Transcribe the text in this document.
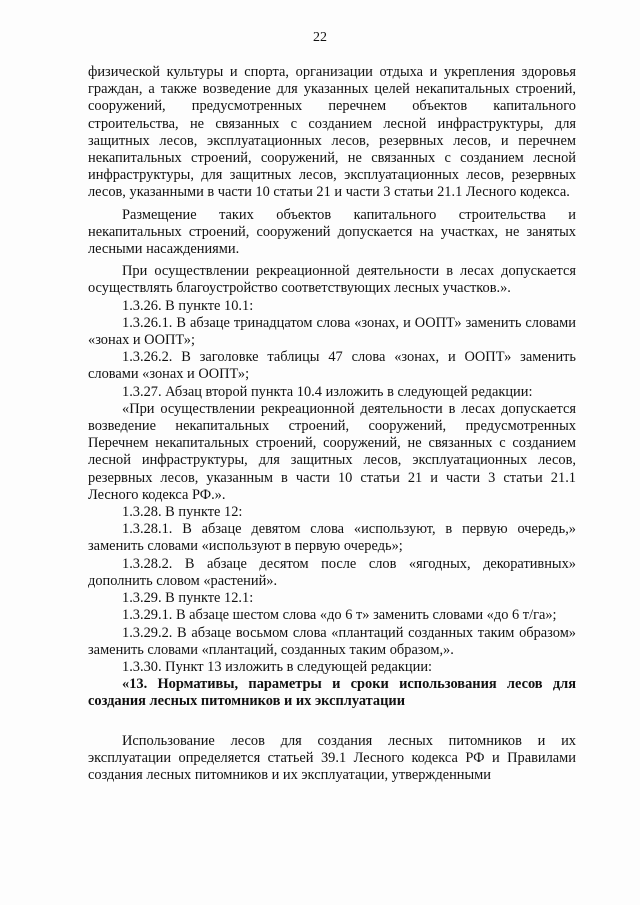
22

физической культуры и спорта, организации отдыха и укрепления здоровья граждан, а также возведение для указанных целей некапитальных строений, сооружений, предусмотренных перечнем объектов капитального строительства, не связанных с созданием лесной инфраструктуры, для защитных лесов, эксплуатационных лесов, резервных лесов, и перечнем некапитальных строений, сооружений, не связанных с созданием лесной инфраструктуры, для защитных лесов, эксплуатационных лесов, резервных лесов, указанными в части 10 статьи 21 и части 3 статьи 21.1 Лесного кодекса.

Размещение таких объектов капитального строительства и некапитальных строений, сооружений допускается на участках, не занятых лесными насаждениями.

При осуществлении рекреационной деятельности в лесах допускается осуществлять благоустройство соответствующих лесных участков.».

1.3.26. В пункте 10.1:

1.3.26.1. В абзаце тринадцатом слова «зонах, и ООПТ» заменить словами «зонах и ООПТ»;

1.3.26.2. В заголовке таблицы 47 слова «зонах, и ООПТ» заменить словами «зонах и ООПТ»;

1.3.27. Абзац второй пункта 10.4 изложить в следующей редакции:

«При осуществлении рекреационной деятельности в лесах допускается возведение некапитальных строений, сооружений, предусмотренных Перечнем некапитальных строений, сооружений, не связанных с созданием лесной инфраструктуры, для защитных лесов, эксплуатационных лесов, резервных лесов, указанным в части 10 статьи 21 и части 3 статьи 21.1 Лесного кодекса РФ.».

1.3.28. В пункте 12:

1.3.28.1. В абзаце девятом слова «используют, в первую очередь,» заменить словами «используют в первую очередь»;

1.3.28.2. В абзаце десятом после слов «ягодных, декоративных» дополнить словом «растений».

1.3.29. В пункте 12.1:

1.3.29.1. В абзаце шестом слова «до 6 т» заменить словами «до 6 т/га»;

1.3.29.2. В абзаце восьмом слова «плантаций созданных таким образом» заменить словами «плантаций, созданных таким образом,».

1.3.30. Пункт 13 изложить в следующей редакции:

«13. Нормативы, параметры и сроки использования лесов для создания лесных питомников и их эксплуатации

Использование лесов для создания лесных питомников и их эксплуатации определяется статьей 39.1 Лесного кодекса РФ и Правилами создания лесных питомников и их эксплуатации, утвержденными
